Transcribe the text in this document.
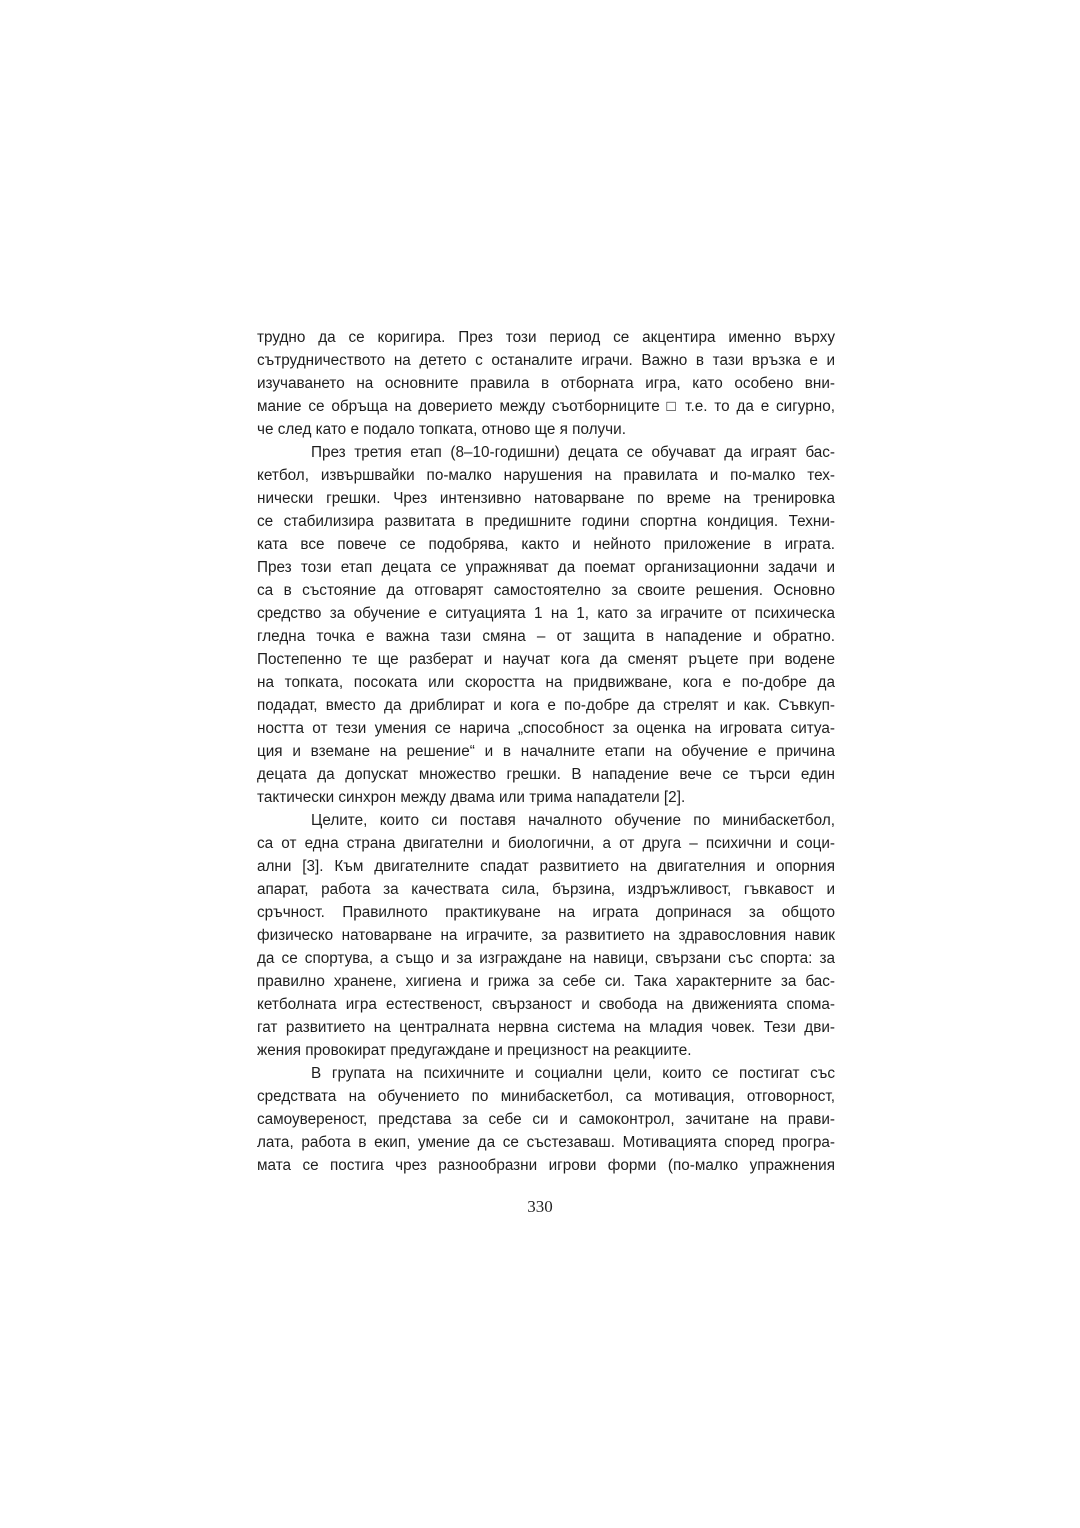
трудно да се коригира. През този период се акцентира именно върху
сътрудничеството на детето с останалите играчи. Важно в тази връзка е и
изучаването на основните правила в отборната игра, като особено вни-
мание се обръща на доверието между съотборниците □ т.е. то да е сигурно,
че след като е подало топката, отново ще я получи.
През третия етап (8–10-годишни) децата се обучават да играят бас-
кетбол, извършвайки по-малко нарушения на правилата и по-малко тех-
нически грешки. Чрез интензивно натоварване по време на тренировка
се стабилизира развитата в предишните години спортна кондиция. Техни-
ката все повече се подобрява, както и нейното приложение в играта.
През този етап децата се упражняват да поемат организационни задачи и
са в състояние да отговарят самостоятелно за своите решения. Основно
средство за обучение е ситуацията 1 на 1, като за играчите от психическа
гледна точка е важна тази смяна – от защита в нападение и обратно.
Постепенно те ще разберат и научат кога да сменят ръцете при водене
на топката, посоката или скоростта на придвижване, кога е по-добре да
подадат, вместо да дриблират и кога е по-добре да стрелят и как. Съвкуп-
ността от тези умения се нарича „способност за оценка на игровата ситуа-
ция и вземане на решение“ и в началните етапи на обучение е причина
децата да допускат множество грешки. В нападение вече се търси един
тактически синхрон между двама или трима нападатели [2].
Целите, които си поставя началното обучение по минибаскетбол,
са от една страна двигателни и биологични, а от друга – психични и соци-
ални [3]. Към двигателните спадат развитието на двигателния и опорния
апарат, работа за качествата сила, бързина, издръжливост, гъвкавост и
сръчност. Правилното практикуване на играта допринася за общото
физическо натоварване на играчите, за развитието на здравословния навик
да се спортува, а също и за изграждане на навици, свързани със спорта: за
правилно хранене, хигиена и грижа за себе си. Така характерните за бас-
кетболната игра естественост, свързаност и свобода на движенията спома-
гат развитието на централната нервна система на младия човек. Тези дви-
жения провокират предугаждане и прецизност на реакциите.
В групата на психичните и социални цели, които се постигат със
средствата на обучението по минибаскетбол, са мотивация, отговорност,
самоувереност, представа за себе си и самоконтрол, зачитане на прави-
лата, работа в екип, умение да се състезаваш. Мотивацията според програ-
мата се постига чрез разнообразни игрови форми (по-малко упражнения
330
